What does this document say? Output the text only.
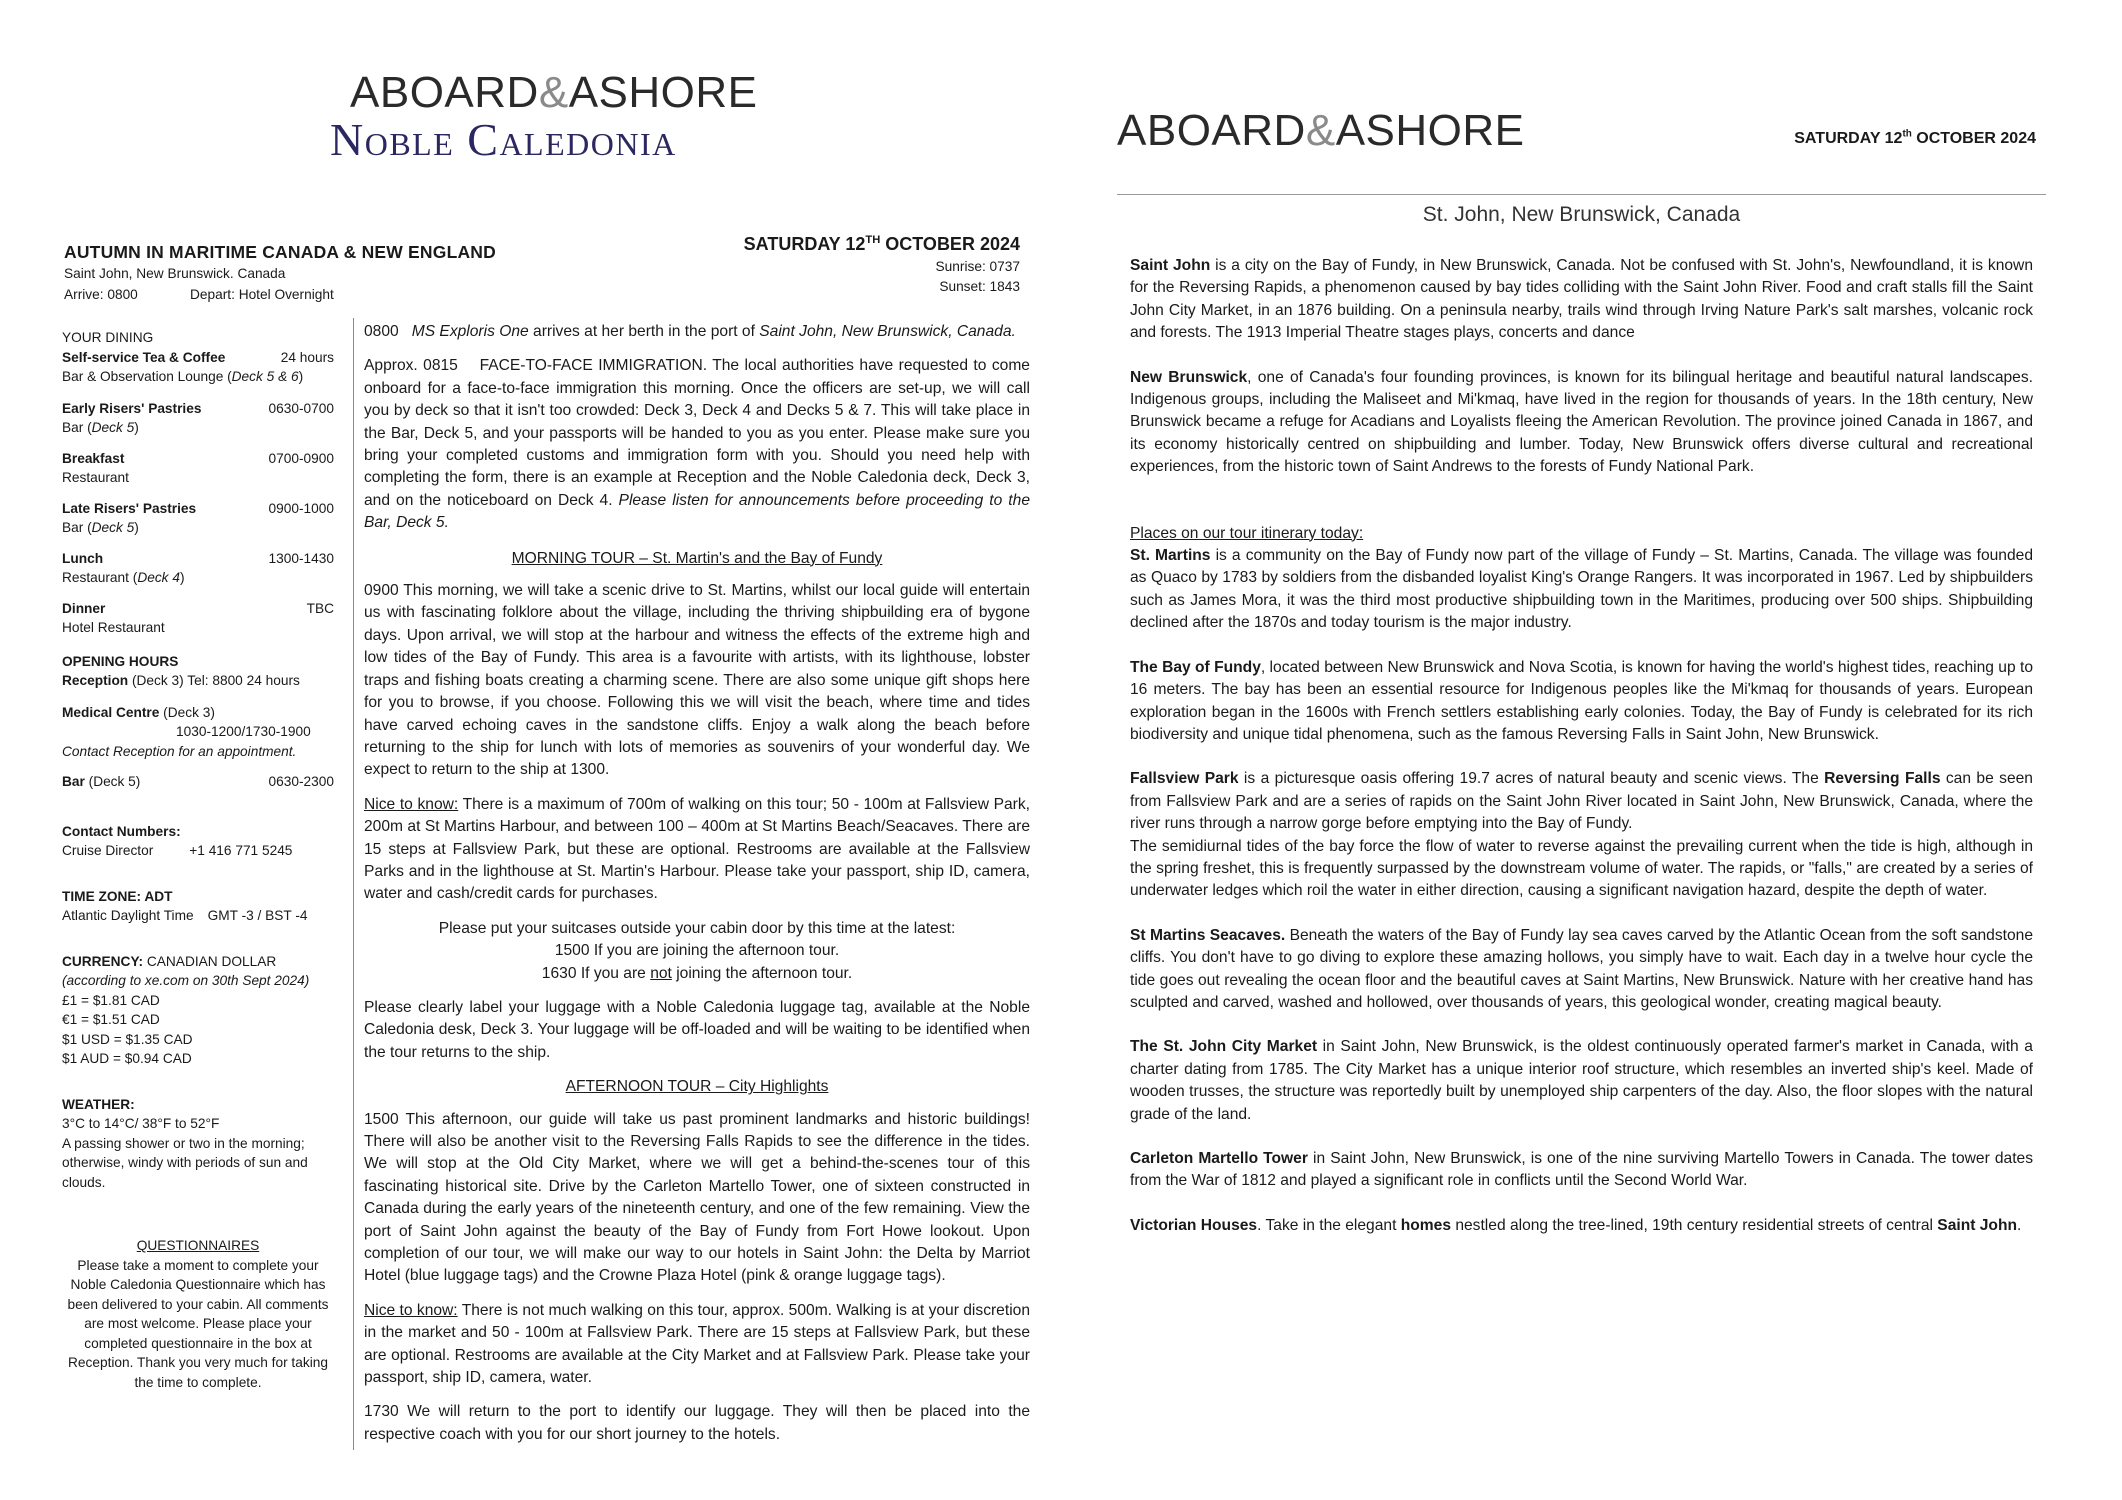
ABOARD&ASHORE
Noble Caledonia
AUTUMN IN MARITIME CANADA & NEW ENGLAND
Saint John, New Brunswick. Canada
Arrive: 0800	Depart: Hotel Overnight
SATURDAY 12TH OCTOBER 2024
Sunrise: 0737
Sunset: 1843
YOUR DINING
Self-service Tea & Coffee	24 hours
Bar & Observation Lounge (Deck 5 & 6)
Early Risers' Pastries	0630-0700
Bar (Deck 5)
Breakfast	0700-0900
Restaurant
Late Risers' Pastries	0900-1000
Bar (Deck 5)
Lunch	1300-1430
Restaurant (Deck 4)
Dinner	TBC
Hotel Restaurant
OPENING HOURS
Reception (Deck 3) Tel: 8800 24 hours
Medical Centre (Deck 3)
1030-1200/1730-1900
Contact Reception for an appointment.
Bar (Deck 5)	0630-2300
Contact Numbers:
Cruise Director	+1 416 771 5245
TIME ZONE: ADT
Atlantic Daylight Time GMT -3 / BST -4
CURRENCY: CANADIAN DOLLAR
(according to xe.com on 30th Sept 2024)
£1 = $1.81 CAD
€1 = $1.51 CAD
$1 USD = $1.35 CAD
$1 AUD = $0.94 CAD
WEATHER:
3°C to 14°C/ 38°F to 52°F
A passing shower or two in the morning; otherwise, windy with periods of sun and clouds.
QUESTIONNAIRES
Please take a moment to complete your Noble Caledonia Questionnaire which has been delivered to your cabin. All comments are most welcome. Please place your completed questionnaire in the box at Reception. Thank you very much for taking the time to complete.

0800 MS Exploris One arrives at her berth in the port of Saint John, New Brunswick, Canada.

Approx. 0815 FACE-TO-FACE IMMIGRATION. The local authorities have requested to come onboard for a face-to-face immigration this morning. Once the officers are set-up, we will call you by deck so that it isn't too crowded: Deck 3, Deck 4 and Decks 5 & 7. This will take place in the Bar, Deck 5, and your passports will be handed to you as you enter. Please make sure you bring your completed customs and immigration form with you. Should you need help with completing the form, there is an example at Reception and the Noble Caledonia deck, Deck 3, and on the noticeboard on Deck 4. Please listen for announcements before proceeding to the Bar, Deck 5.

MORNING TOUR – St. Martin's and the Bay of Fundy

0900 This morning, we will take a scenic drive to St. Martins, whilst our local guide will entertain us with fascinating folklore about the village, including the thriving shipbuilding era of bygone days. Upon arrival, we will stop at the harbour and witness the effects of the extreme high and low tides of the Bay of Fundy. This area is a favourite with artists, with its lighthouse, lobster traps and fishing boats creating a charming scene. There are also some unique gift shops here for you to browse, if you choose. Following this we will visit the beach, where time and tides have carved echoing caves in the sandstone cliffs. Enjoy a walk along the beach before returning to the ship for lunch with lots of memories as souvenirs of your wonderful day. We expect to return to the ship at 1300.

Nice to know: There is a maximum of 700m of walking on this tour; 50 - 100m at Fallsview Park, 200m at St Martins Harbour, and between 100 – 400m at St Martins Beach/Seacaves. There are 15 steps at Fallsview Park, but these are optional. Restrooms are available at the Fallsview Parks and in the lighthouse at St. Martin's Harbour. Please take your passport, ship ID, camera, water and cash/credit cards for purchases.

Please put your suitcases outside your cabin door by this time at the latest:

1500 If you are joining the afternoon tour.

1630 If you are not joining the afternoon tour.

Please clearly label your luggage with a Noble Caledonia luggage tag, available at the Noble Caledonia desk, Deck 3. Your luggage will be off-loaded and will be waiting to be identified when the tour returns to the ship.

AFTERNOON TOUR – City Highlights

1500 This afternoon, our guide will take us past prominent landmarks and historic buildings! There will also be another visit to the Reversing Falls Rapids to see the difference in the tides. We will stop at the Old City Market, where we will get a behind-the-scenes tour of this fascinating historical site. Drive by the Carleton Martello Tower, one of sixteen constructed in Canada during the early years of the nineteenth century, and one of the few remaining. View the port of Saint John against the beauty of the Bay of Fundy from Fort Howe lookout. Upon completion of our tour, we will make our way to our hotels in Saint John: the Delta by Marriot Hotel (blue luggage tags) and the Crowne Plaza Hotel (pink & orange luggage tags).

Nice to know: There is not much walking on this tour, approx. 500m. Walking is at your discretion in the market and 50 - 100m at Fallsview Park. There are 15 steps at Fallsview Park, but these are optional. Restrooms are available at the City Market and at Fallsview Park. Please take your passport, ship ID, camera, water.

1730 We will return to the port to identify our luggage. They will then be placed into the respective coach with you for our short journey to the hotels.

ABOARD&ASHORE	SATURDAY 12th OCTOBER 2024
St. John, New Brunswick, Canada

Saint John is a city on the Bay of Fundy, in New Brunswick, Canada. Not be confused with St. John's, Newfoundland, it is known for the Reversing Rapids, a phenomenon caused by bay tides colliding with the Saint John River. Food and craft stalls fill the Saint John City Market, in an 1876 building. On a peninsula nearby, trails wind through Irving Nature Park's salt marshes, volcanic rock and forests. The 1913 Imperial Theatre stages plays, concerts and dance

New Brunswick, one of Canada's four founding provinces, is known for its bilingual heritage and beautiful natural landscapes. Indigenous groups, including the Maliseet and Mi'kmaq, have lived in the region for thousands of years. In the 18th century, New Brunswick became a refuge for Acadians and Loyalists fleeing the American Revolution. The province joined Canada in 1867, and its economy historically centred on shipbuilding and lumber. Today, New Brunswick offers diverse cultural and recreational experiences, from the historic town of Saint Andrews to the forests of Fundy National Park.

Places on our tour itinerary today:

St. Martins is a community on the Bay of Fundy now part of the village of Fundy – St. Martins, Canada. The village was founded as Quaco by 1783 by soldiers from the disbanded loyalist King's Orange Rangers. It was incorporated in 1967. Led by shipbuilders such as James Mora, it was the third most productive shipbuilding town in the Maritimes, producing over 500 ships. Shipbuilding declined after the 1870s and today tourism is the major industry.

The Bay of Fundy, located between New Brunswick and Nova Scotia, is known for having the world's highest tides, reaching up to 16 meters. The bay has been an essential resource for Indigenous peoples like the Mi'kmaq for thousands of years. European exploration began in the 1600s with French settlers establishing early colonies. Today, the Bay of Fundy is celebrated for its rich biodiversity and unique tidal phenomena, such as the famous Reversing Falls in Saint John, New Brunswick.

Fallsview Park is a picturesque oasis offering 19.7 acres of natural beauty and scenic views. The Reversing Falls can be seen from Fallsview Park and are a series of rapids on the Saint John River located in Saint John, New Brunswick, Canada, where the river runs through a narrow gorge before emptying into the Bay of Fundy.

The semidiurnal tides of the bay force the flow of water to reverse against the prevailing current when the tide is high, although in the spring freshet, this is frequently surpassed by the downstream volume of water. The rapids, or "falls," are created by a series of underwater ledges which roil the water in either direction, causing a significant navigation hazard, despite the depth of water.

St Martins Seacaves. Beneath the waters of the Bay of Fundy lay sea caves carved by the Atlantic Ocean from the soft sandstone cliffs. You don't have to go diving to explore these amazing hollows, you simply have to wait. Each day in a twelve hour cycle the tide goes out revealing the ocean floor and the beautiful caves at Saint Martins, New Brunswick. Nature with her creative hand has sculpted and carved, washed and hollowed, over thousands of years, this geological wonder, creating magical beauty.

The St. John City Market in Saint John, New Brunswick, is the oldest continuously operated farmer's market in Canada, with a charter dating from 1785. The City Market has a unique interior roof structure, which resembles an inverted ship's keel. Made of wooden trusses, the structure was reportedly built by unemployed ship carpenters of the day. Also, the floor slopes with the natural grade of the land.

Carleton Martello Tower in Saint John, New Brunswick, is one of the nine surviving Martello Towers in Canada. The tower dates from the War of 1812 and played a significant role in conflicts until the Second World War.

Victorian Houses. Take in the elegant homes nestled along the tree-lined, 19th century residential streets of central Saint John.
